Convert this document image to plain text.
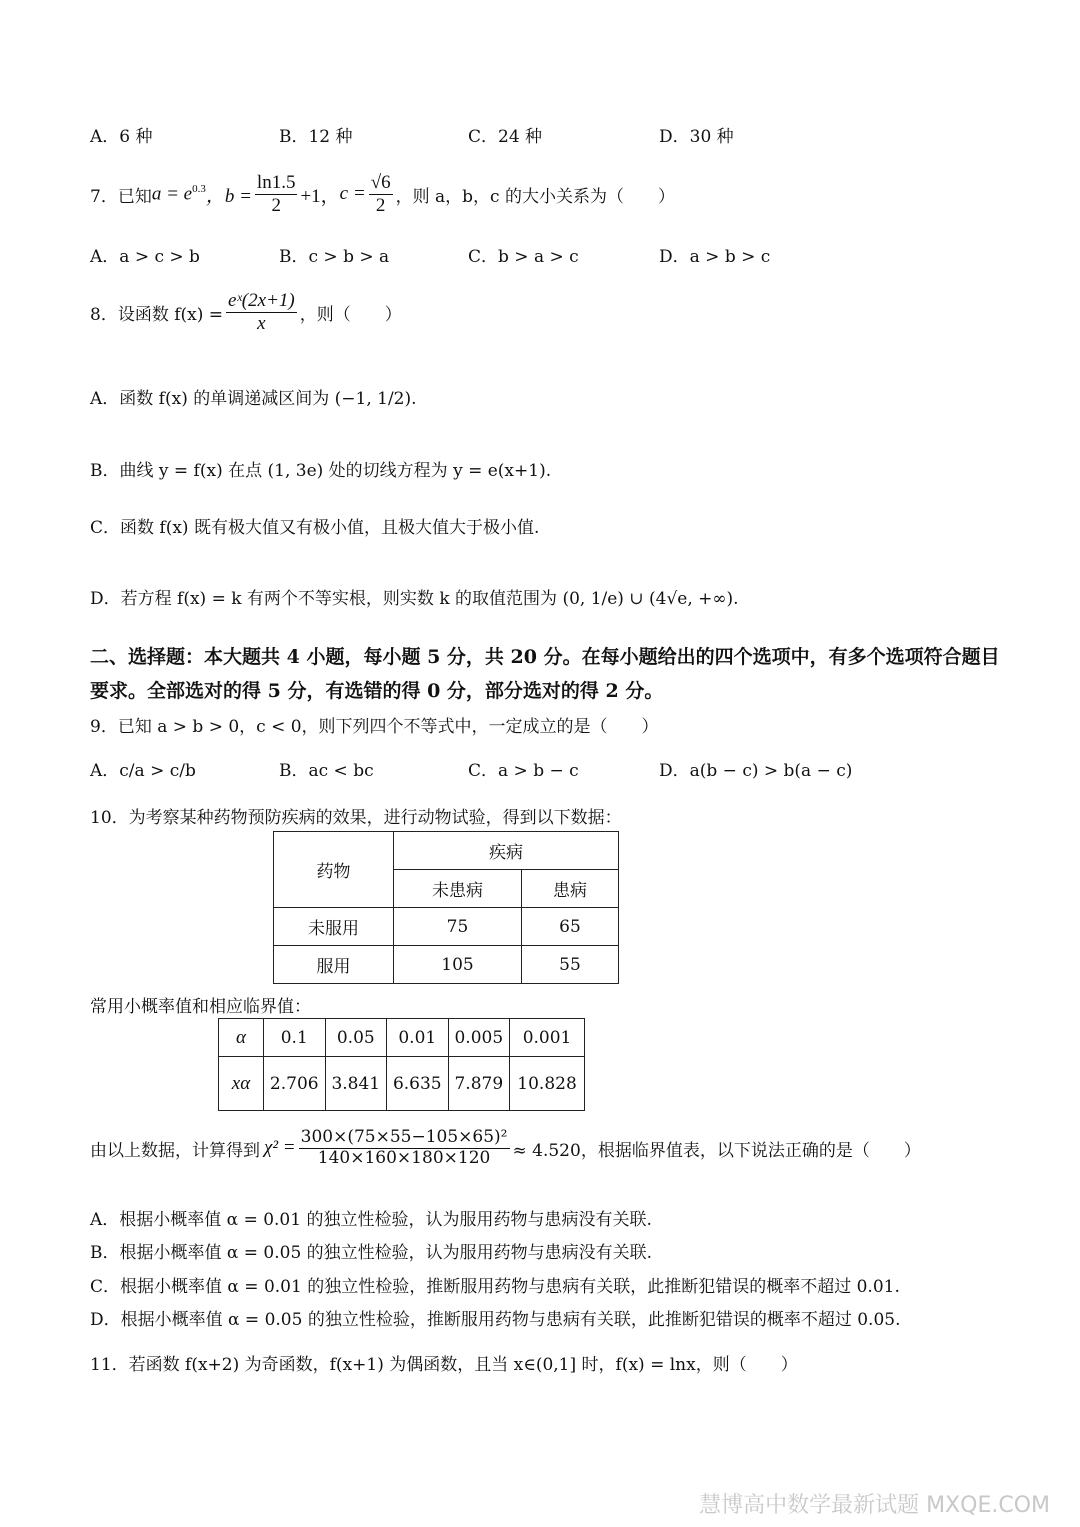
A．6 种	B．12 种	C．24 种	D．30 种
7．已知 $a = e^{0.3}$ ，$b = \frac{\ln 1.5}{2} +1$， $c = \frac{√6}{2}$ ，则 a，b，c 的大小关系为（　　）
A．a > c > b	B．c > b > a	C．b > a > c	D．a > b > c
8．设函数 $f(x) = \frac{\text{eˣ(2x+1)}}{x}$ ，则（　　）
A．函数 f(x) 的单调递减区间为 (−1, 1/2).
B．曲线 y = f(x) 在点 (1, 3e) 处的切线方程为 y = e(x+1).
C．函数 f(x) 既有极大值又有极小值，且极大值大于极小值.
D．若方程 f(x) = k 有两个不等实根，则实数 k 的取值范围为 (0, 1/e) ∪ (4√e, +∞).
二、选择题：本大题共 4 小题，每小题 5 分，共 20 分。在每小题给出的四个选项中，有多个选项符合题目要求。全部选对的得 5 分，有选错的得 0 分，部分选对的得 2 分。
9．已知 a > b > 0，c < 0，则下列四个不等式中，一定成立的是（　　）
A．c/a > c/b	B．ac < bc	C．a > b − c	D．a(b − c) > b(a − c)
10．为考察某种药物预防疾病的效果，进行动物试验，得到以下数据：
药物	疾病	
	未患病	患病
未服用	75	65
服用	105	55
常用小概率值和相应临界值：
α	0.1	0.05	0.01	0.005	0.001
xα	2.706	3.841	6.635	7.879	10.828
由以上数据，计算得到 $\chi^2 = \frac{\text{300×(75×55−105×65)²}}{140\times 160\times 180\times 120} \approx 4.520$，根据临界值表，以下说法正确的是（　　）
A．根据小概率值 α = 0.01 的独立性检验，认为服用药物与患病没有关联.
B．根据小概率值 α = 0.05 的独立性检验，认为服用药物与患病没有关联.
C．根据小概率值 α = 0.01 的独立性检验，推断服用药物与患病有关联，此推断犯错误的概率不超过 0.01.
D．根据小概率值 α = 0.05 的独立性检验，推断服用药物与患病有关联，此推断犯错误的概率不超过 0.05.
11．若函数 f(x+2) 为奇函数，f(x+1) 为偶函数，且当 x∈(0,1] 时，f(x) = lnx，则（　　）
慧博高中数学最新试题 MXQE.COM
